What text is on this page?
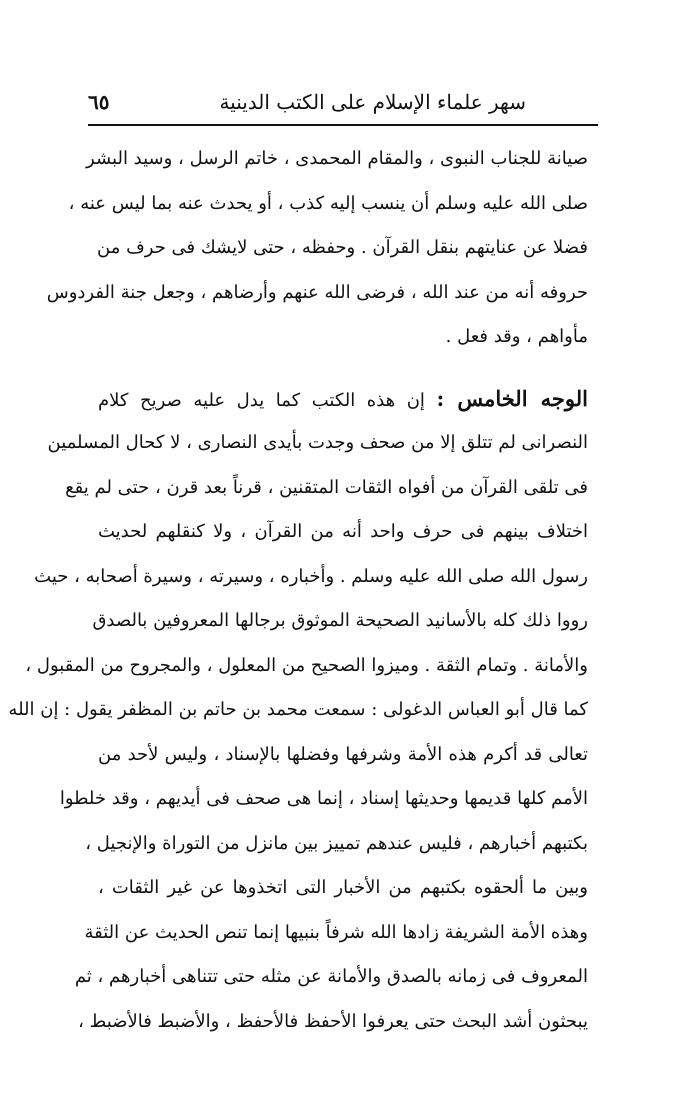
سهر علماء الإسلام على الكتب الدينية
٦٥

صيانة للجناب النبوى ، والمقام المحمدى ، خاتم الرسل ، وسيد البشر
صلى الله عليه وسلم أن ينسب إليه كذب ، أو يحدث عنه بما ليس عنه ،
فضلا عن عنايتهم بنقل القرآن . وحفظه ، حتى لايشك فى حرف من
حروفه أنه من عند الله ، فرضى الله عنهم وأرضاهم ، وجعل جنة الفردوس
مأواهم ، وقد فعل .

الوجه الخامس : إن هذه الكتب كما يدل عليه صريح كلام
النصرانى لم تتلق إلا من صحف وجدت بأيدى النصارى ، لا كحال المسلمين
فى تلقى القرآن من أفواه الثقات المتقنين ، قرناً بعد قرن ، حتى لم يقع
اختلاف بينهم فى حرف واحد أنه من القرآن ، ولا كنقلهم لحديث
رسول الله صلى الله عليه وسلم . وأخباره ، وسيرته ، وسيرة أصحابه ، حيث
رووا ذلك كله بالأسانيد الصحيحة الموثوق برجالها المعروفين بالصدق
والأمانة . وتمام الثقة . وميزوا الصحيح من المعلول ، والمجروح من المقبول ،
كما قال أبو العباس الدغولى : سمعت محمد بن حاتم بن المظفر يقول : إن الله
تعالى قد أكرم هذه الأمة وشرفها وفضلها بالإسناد ، وليس لأحد من
الأمم كلها قديمها وحديثها إسناد ، إنما هى صحف فى أيديهم ، وقد خلطوا
بكتبهم أخبارهم ، فليس عندهم تمييز بين مانزل من التوراة والإنجيل ،
وبين ما ألحقوه بكتبهم من الأخبار التى اتخذوها عن غير الثقات ،
وهذه الأمة الشريفة زادها الله شرفاً بنبيها إنما تنص الحديث عن الثقة
المعروف فى زمانه بالصدق والأمانة عن مثله حتى تتناهى أخبارهم ، ثم
يبحثون أشد البحث حتى يعرفوا الأحفظ فالأحفظ ، والأضبط فالأضبط ،
